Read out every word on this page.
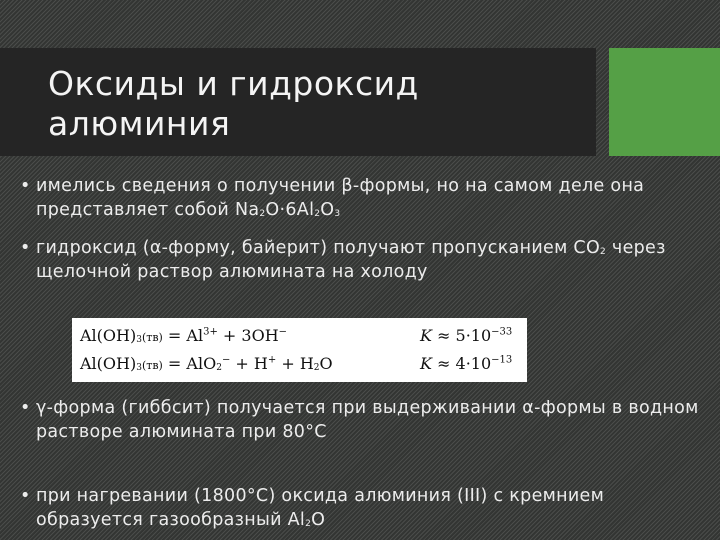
Оксиды и гидроксид алюминия
• имелись сведения о получении β-формы, но на самом деле она представляет собой $Na_2O\cdot 6Al_2O_3$
• гидроксид (α-форму, байерит) получают пропусканием $CO_2$ через щелочной раствор алюмината на холоду
• γ-форма (гиббсит) получается при выдерживании α-формы в водном растворе алюмината при 80°C
• при нагревании (1800°C) оксида алюминия (III) с кремнием образуется газообразный $Al_2O$
$Al(OH)_3(тв) = Al^{3+} + 3OH^-$	$K \approx 5\cdot 10^{-33}$
$Al(OH)_3(тв) = AlO_2^- + H^+ + H_2O$	$K \approx 4\cdot 10^{-13}$
